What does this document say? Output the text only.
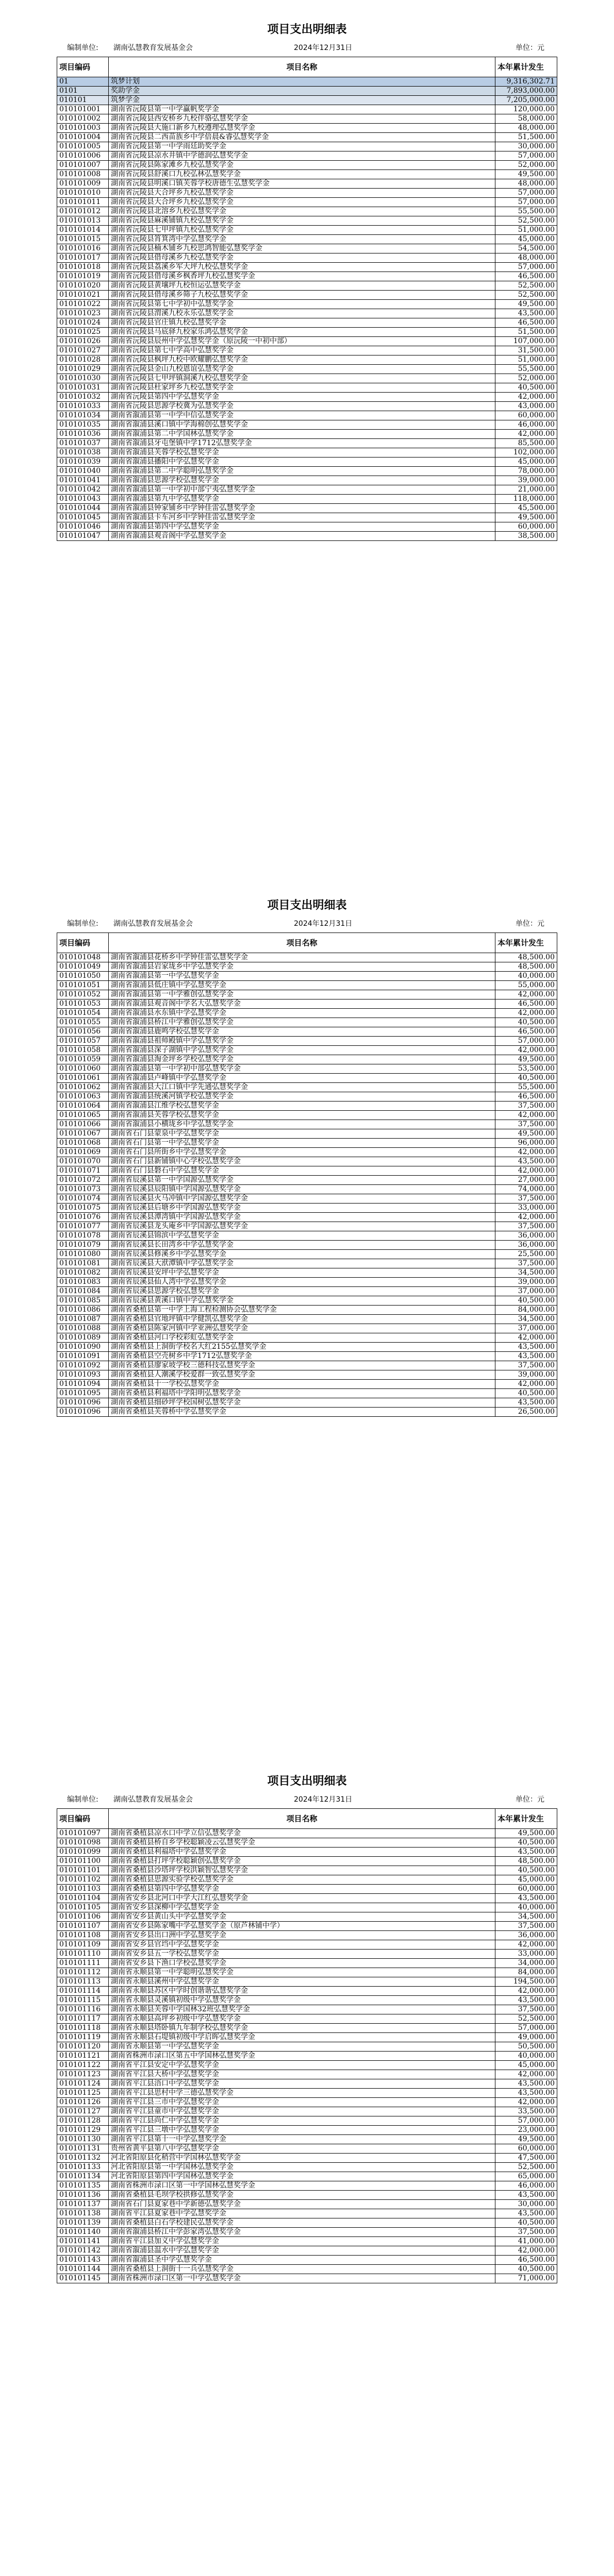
项目支出明细表
编制单位: 湖南弘慧教育发展基金会	2024年12月31日	单位：元
项目编码	项目名称	本年累计发生
01	筑梦计划	9,316,302.71
0101	奖助学金	7,893,000.00
010101	筑梦学金	7,205,000.00
010101001	湖南省沅陵县第一中学赢帆奖学金	120,000.00
010101002	湖南省沅陵县西安桥乡九校伴骆弘慧奖学金	58,000.00
010101003	湖南省沅陵县大施口新乡九校遵理弘慧奖学金	48,000.00
010101004	湖南省沅陵县二西苗族乡中学倍晨&睿弘慧奖学金	51,500.00
010101005	湖南省沅陵县第一中学雨廷助奖学金	30,000.00
010101006	湖南省沅陵县凉水井镇中学德润弘慧奖学金	57,000.00
010101007	湖南省沅陵县陈家滩乡九校弘慧奖学金	52,000.00
010101008	湖南省沅陵县舒溪口九校弘林弘慧奖学金	49,500.00
010101009	湖南省沅陵县明溪口镇芙蓉学校唐德生弘慧奖学金	48,000.00
010101010	湖南省沅陵县大合坪乡九校弘慧奖学金	57,000.00
010101011	湖南省沅陵县大合坪乡九校弘慧奖学金	57,000.00
010101012	湖南省沅陵县北溶乡九校弘慧奖学金	55,500.00
010101013	湖南省沅陵县麻溪铺镇九校弘慧奖学金	52,500.00
010101014	湖南省沅陵县七甲坪镇九校弘慧奖学金	51,000.00
010101015	湖南省沅陵县筲箕湾中学弘慧奖学金	45,000.00
010101016	湖南省沅陵县楠木铺乡九校思鸿智能弘慧奖学金	54,500.00
010101017	湖南省沅陵县借母溪乡九校弘慧奖学金	48,000.00
010101018	湖南省沅陵县荔溪乡军大坪九校弘慧奖学金	57,000.00
010101019	湖南省沅陵县借母溪乡枫香坪九校弘慧奖学金	46,500.00
010101020	湖南省沅陵县黄壤坪九校恒运弘慧奖学金	52,500.00
010101021	湖南省沅陵县借母溪乡筛子九校弘慧奖学金	52,500.00
010101022	湖南省沅陵县第七中学初中弘慧奖学金	49,500.00
010101023	湖南省沅陵县渭溪九校永乐弘慧奖学金	43,500.00
010101024	湖南省沅陵县官庄镇九校弘慧奖学金	46,500.00
010101025	湖南省沅陵县马底驿九校家乐鸿弘慧奖学金	51,500.00
010101026	湖南省沅陵县辰州中学弘慧奖学金（原沅陵一中初中部）	107,000.00
010101027	湖南省沅陵县第七中学高中弘慧奖学金	31,500.00
010101028	湖南省沅陵县枫坪九校中欧耀鹏弘慧奖学金	51,000.00
010101029	湖南省沅陵县金山九校恩谊弘慧奖学金	55,500.00
010101030	湖南省沅陵县七甲坪镇洞溪九校弘慧奖学金	52,000.00
010101031	湖南省沅陵县杜家坪乡九校弘慧奖学金	40,500.00
010101032	湖南省沅陵县第四中学弘慧奖学金	42,000.00
010101033	湖南省沅陵县思源学校冀为弘慧奖学金	43,000.00
010101034	湖南省溆浦县第一中学中信弘慧奖学金	60,000.00
010101035	湖南省溆浦县溪口镇中学海棉创弘慧奖学金	46,000.00
010101036	湖南省溆浦县第二中学国林弘慧奖学金	42,000.00
010101037	湖南省溆浦县牙屯堡镇中学1712弘慧奖学金	85,500.00
010101038	湖南省溆浦县芙蓉学校弘慧奖学金	102,000.00
010101039	湖南省溆浦县播阳中学弘慧奖学金	45,000.00
010101040	湖南省溆浦县第二中学聪明弘慧奖学金	78,000.00
010101041	湖南省溆浦县思源学校弘慧奖学金	39,000.00
010101042	湖南省溆浦县第一中学初中部宁夷弘慧奖学金	21,000.00
010101043	湖南省溆浦县第九中学弘慧奖学金	118,000.00
010101044	湖南省溆浦县钟家铺乡中学钟佳雷弘慧奖学金	45,500.00
010101045	湖南省溆浦县卡车河乡中学钟佳雷弘慧奖学金	49,500.00
010101046	湖南省溆浦县第四中学弘慧奖学金	60,000.00
010101047	湖南省溆浦县观音阁中学弘慧奖学金	38,500.00
项目支出明细表
编制单位: 湖南弘慧教育发展基金会	2024年12月31日	单位：元
项目编码	项目名称	本年累计发生
010101048	湖南省溆浦县花桥乡中学钟佳雷弘慧奖学金	48,500.00
010101049	湖南省溆浦县岩家垅乡中学弘慧奖学金	48,500.00
010101050	湖南省溆浦县第一中学弘慧奖学金	40,000.00
010101051	湖南省溆浦县低庄镇中学弘慧奖学金	55,000.00
010101052	湖南省溆浦县第一中学雅创弘慧奖学金	42,000.00
010101053	湖南省溆浦县观音阁中学名大弘慧奖学金	46,500.00
010101054	湖南省溆浦县水东镇中学弘慧奖学金	42,000.00
010101055	湖南省溆浦县桥江中学雅创弘慧奖学金	40,500.00
010101056	湖南省溆浦县鹿鸣学校弘慧奖学金	46,500.00
010101057	湖南省溆浦县祖师殿镇中学弘慧奖学金	57,000.00
010101058	湖南省溆浦县深子湖镇中学弘慧奖学金	42,000.00
010101059	湖南省溆浦县淘金坪乡学校弘慧奖学金	49,500.00
010101060	湖南省溆浦县第一中学初中部弘慧奖学金	53,500.00
010101061	湖南省溆浦县卢峰镇中学弘慧奖学金	40,500.00
010101062	湖南省溆浦县大江口镇中学先通弘慧奖学金	55,500.00
010101063	湖南省溆浦县统溪河镇学校弘慧奖学金	46,500.00
010101064	湖南省溆浦县江维学校弘慧奖学金	37,500.00
010101065	湖南省溆浦县芙蓉学校弘慧奖学金	42,000.00
010101066	湖南省溆浦县小横垅乡中学弘慧奖学金	37,500.00
010101067	湖南省石门县蒙泉中学弘慧奖学金	49,500.00
010101068	湖南省石门县第一中学弘慧奖学金	96,000.00
010101069	湖南省石门县所街乡中学弘慧奖学金	42,000.00
010101070	湖南省石门县新铺镇中心学校弘慧奖学金	43,500.00
010101071	湖南省石门县磐石中学弘慧奖学金	42,000.00
010101072	湖南省辰溪县第一中学国源弘慧奖学金	27,000.00
010101073	湖南省辰溪县辰阳镇中学国源弘慧奖学金	74,000.00
010101074	湖南省辰溪县火马冲镇中学国源弘慧奖学金	37,500.00
010101075	湖南省辰溪县后塘乡中学国源弘慧奖学金	33,000.00
010101076	湖南省辰溪县潭湾镇中学国源弘慧奖学金	42,000.00
010101077	湖南省辰溪县龙头庵乡中学国源弘慧奖学金	37,500.00
010101078	湖南省辰溪县锦滨中学弘慧奖学金	36,000.00
010101079	湖南省辰溪县长田湾乡中学弘慧奖学金	36,000.00
010101080	湖南省辰溪县修溪乡中学弘慧奖学金	25,500.00
010101081	湖南省辰溪县大洑潭镇中学弘慧奖学金	37,500.00
010101082	湖南省辰溪县安坪中学弘慧奖学金	34,500.00
010101083	湖南省辰溪县仙人湾中学弘慧奖学金	39,000.00
010101084	湖南省辰溪县思源学校弘慧奖学金	37,000.00
010101085	湖南省辰溪县黄溪口镇中学弘慧奖学金	40,500.00
010101086	湖南省桑植县第一中学上海工程检测协会弘慧奖学金	84,000.00
010101087	湖南省桑植县官地坪镇中学健凯弘慧奖学金	34,500.00
010101088	湖南省桑植县陈家河镇中学亚洲弘慧奖学金	37,000.00
010101089	湖南省桑植县河口学校彩虹弘慧奖学金	42,000.00
010101090	湖南省桑植县上洞街学校名大红2155弘慧奖学金	43,500.00
010101091	湖南省桑植县空壳树乡中学1712弘慧奖学金	43,500.00
010101092	湖南省桑植县廖家坡学校三德科技弘慧奖学金	37,500.00
010101093	湖南省桑植县人潮溪学校爱群一致弘慧奖学金	39,000.00
010101094	湖南省桑植县十一学校弘慧奖学金	42,000.00
010101095	湖南省桑植县利福塔中学阳明弘慧奖学金	40,500.00
010101096	湖南省桑植县细砂坪学校国树弘慧奖学金	43,500.00
010101096	湖南省桑植县芙蓉桥中学弘慧奖学金	26,500.00
项目支出明细表
编制单位: 湖南弘慧教育发展基金会	2024年12月31日	单位：元
项目编码	项目名称	本年累计发生
010101097	湖南省桑植县凉水口中学立信弘慧奖学金	49,500.00
010101098	湖南省桑植县桥自乡学校聪颖凌云弘慧奖学金	40,500.00
010101099	湖南省桑植县利福塔中学弘慧奖学金	43,500.00
010101100	湖南省桑植县打坪学校聪颖创弘慧奖学金	48,500.00
010101101	湖南省桑植县沙塔坪学校洪颖智弘慧奖学金	40,500.00
010101102	湖南省桑植县思源实验学校弘慧奖学金	45,000.00
010101103	湖南省桑植县第四中学弘慧奖学金	60,000.00
010101104	湖南省安乡县北河口中学大江红弘慧奖学金	43,500.00
010101105	湖南省安乡县深柳中学弘慧奖学金	40,000.00
010101106	湖南省安乡县黄山头中学弘慧奖学金	34,500.00
010101107	湖南省安乡县陈家嘴中学弘慧奖学金（原芦林铺中学）	37,500.00
010101108	湖南省安乡县出口洲中学弘慧奖学金	36,000.00
010101109	湖南省安乡县官垱中学弘慧奖学金	42,000.00
010101110	湖南省安乡县五一学校弘慧奖学金	33,000.00
010101111	湖南省安乡县下渔口学校弘慧奖学金	34,000.00
010101112	湖南省永顺县第一中学聪明弘慧奖学金	84,000.00
010101113	湖南省永顺县溪州中学弘慧奖学金	194,500.00
010101114	湖南省永顺县苏区中学时创谐谐弘慧奖学金	42,000.00
010101115	湖南省永顺县灵溪镇初级中学弘慧奖学金	43,500.00
010101116	湖南省永顺县芙蓉中学国林32班弘慧奖学金	37,500.00
010101117	湖南省永顺县高坪乡初级中学弘慧奖学金	52,500.00
010101118	湖南省永顺县塔卧镇九年制学校弘慧奖学金	57,000.00
010101119	湖南省永顺县石堤镇初级中学启晖弘慧奖学金	49,000.00
010101120	湖南省永顺县第一中学弘慧奖学金	50,500.00
010101121	湖南省株洲市渌口区第五中学国林弘慧奖学金	40,000.00
010101122	湖南省平江县安定中学弘慧奖学金	45,000.00
010101123	湖南省平江县大桥中学弘慧奖学金	42,000.00
010101124	湖南省平江县浯口中学弘慧奖学金	43,500.00
010101125	湖南省平江县思村中学三德弘慧奖学金	43,500.00
010101126	湖南省平江县三市中学弘慧奖学金	42,000.00
010101127	湖南省平江县童市中学弘慧奖学金	33,500.00
010101128	湖南省平江县尚仁中学弘慧奖学金	57,000.00
010101129	湖南省平江县三墩中学弘慧奖学金	23,000.00
010101130	湖南省平江县第十一中学弘慧奖学金	49,500.00
010101131	贵州省黄平县第八中学弘慧奖学金	60,000.00
010101132	河北省阳原县化稍营中学国林弘慧奖学金	47,500.00
010101133	河北省阳原县第一中学国林弘慧奖学金	52,500.00
010101134	河北省阳原县第四中学国林弘慧奖学金	65,000.00
010101135	湖南省株洲市渌口区第一中学国林弘慧奖学金	46,000.00
010101136	湖南省桑植县毛坝学校拱修弘慧奖学金	43,500.00
010101137	湖南省石门县夏家巷中学新德弘慧奖学金	30,000.00
010101138	湖南省平江县夏家巷中学弘慧奖学金	43,500.00
010101139	湖南省桑植县白石学校建民弘慧奖学金	40,500.00
010101140	湖南省溆浦县桥江中学彭家湾弘慧奖学金	37,500.00
010101141	湖南省平江县加义中学弘慧奖学金	41,000.00
010101142	湖南省溆浦县温水中学弘慧奖学金	42,000.00
010101143	湖南省溆浦县圣中学弘慧奖学金	46,500.00
010101144	湖南省桑植县上洞街十一兵弘慧奖学金	40,500.00
010101145	湖南省株洲市渌口区第一中学弘慧奖学金	71,000.00
